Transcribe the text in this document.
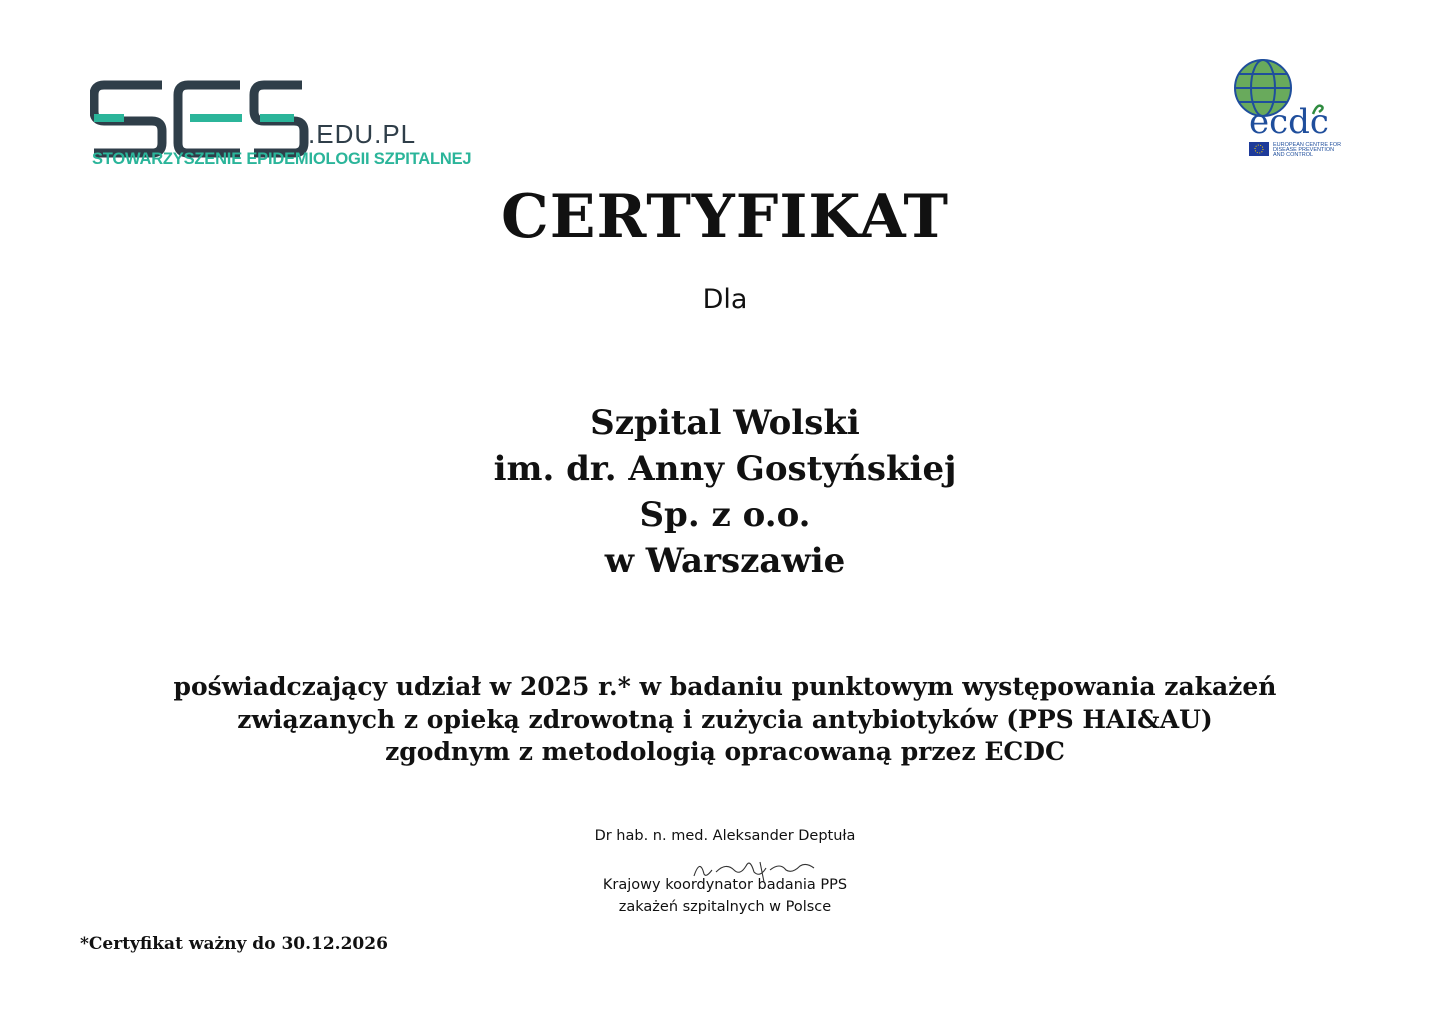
.EDU.PL
STOWARZYSZENIE EPIDEMIOLOGII SZPITALNEJ
ecdc
EUROPEAN CENTRE FOR
DISEASE PREVENTION
AND CONTROL
CERTYFIKAT
Dla
Szpital Wolski
im. dr. Anny Gostyńskiej
Sp. z o.o.
w Warszawie
poświadczający udział w 2025 r.* w badaniu punktowym występowania zakażeń
związanych z opieką zdrowotną i zużycia antybiotyków (PPS HAI&AU)
zgodnym z metodologią opracowaną przez ECDC
Dr hab. n. med. Aleksander Deptuła
Krajowy koordynator badania PPS
zakażeń szpitalnych w Polsce
*Certyfikat ważny do 30.12.2026
